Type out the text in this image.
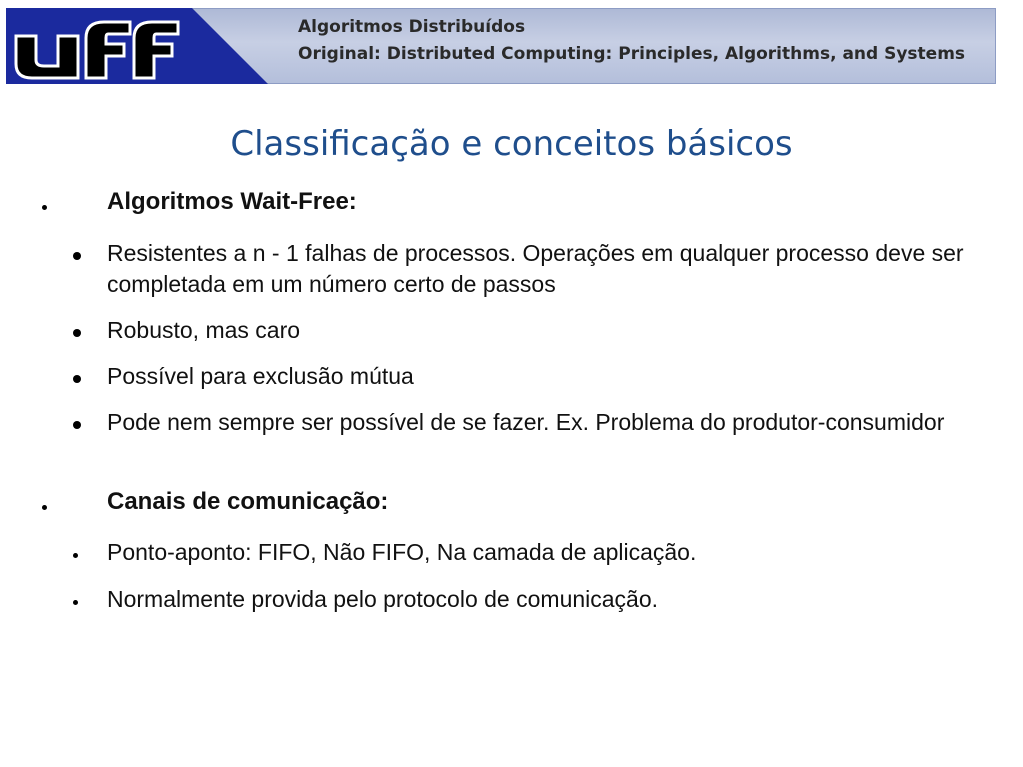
Algoritmos Distribuídos
Original: Distributed Computing: Principles, Algorithms, and Systems
Classificação e conceitos básicos
Algoritmos Wait-Free:
Resistentes a n - 1 falhas de processos. Operações em qualquer processo deve ser completada em um número certo de passos
Robusto, mas caro
Possível para exclusão mútua
Pode nem sempre ser possível de se fazer. Ex. Problema do produtor-consumidor
Canais de comunicação:
Ponto-aponto: FIFO, Não FIFO, Na camada de aplicação.
Normalmente provida pelo protocolo de comunicação.
